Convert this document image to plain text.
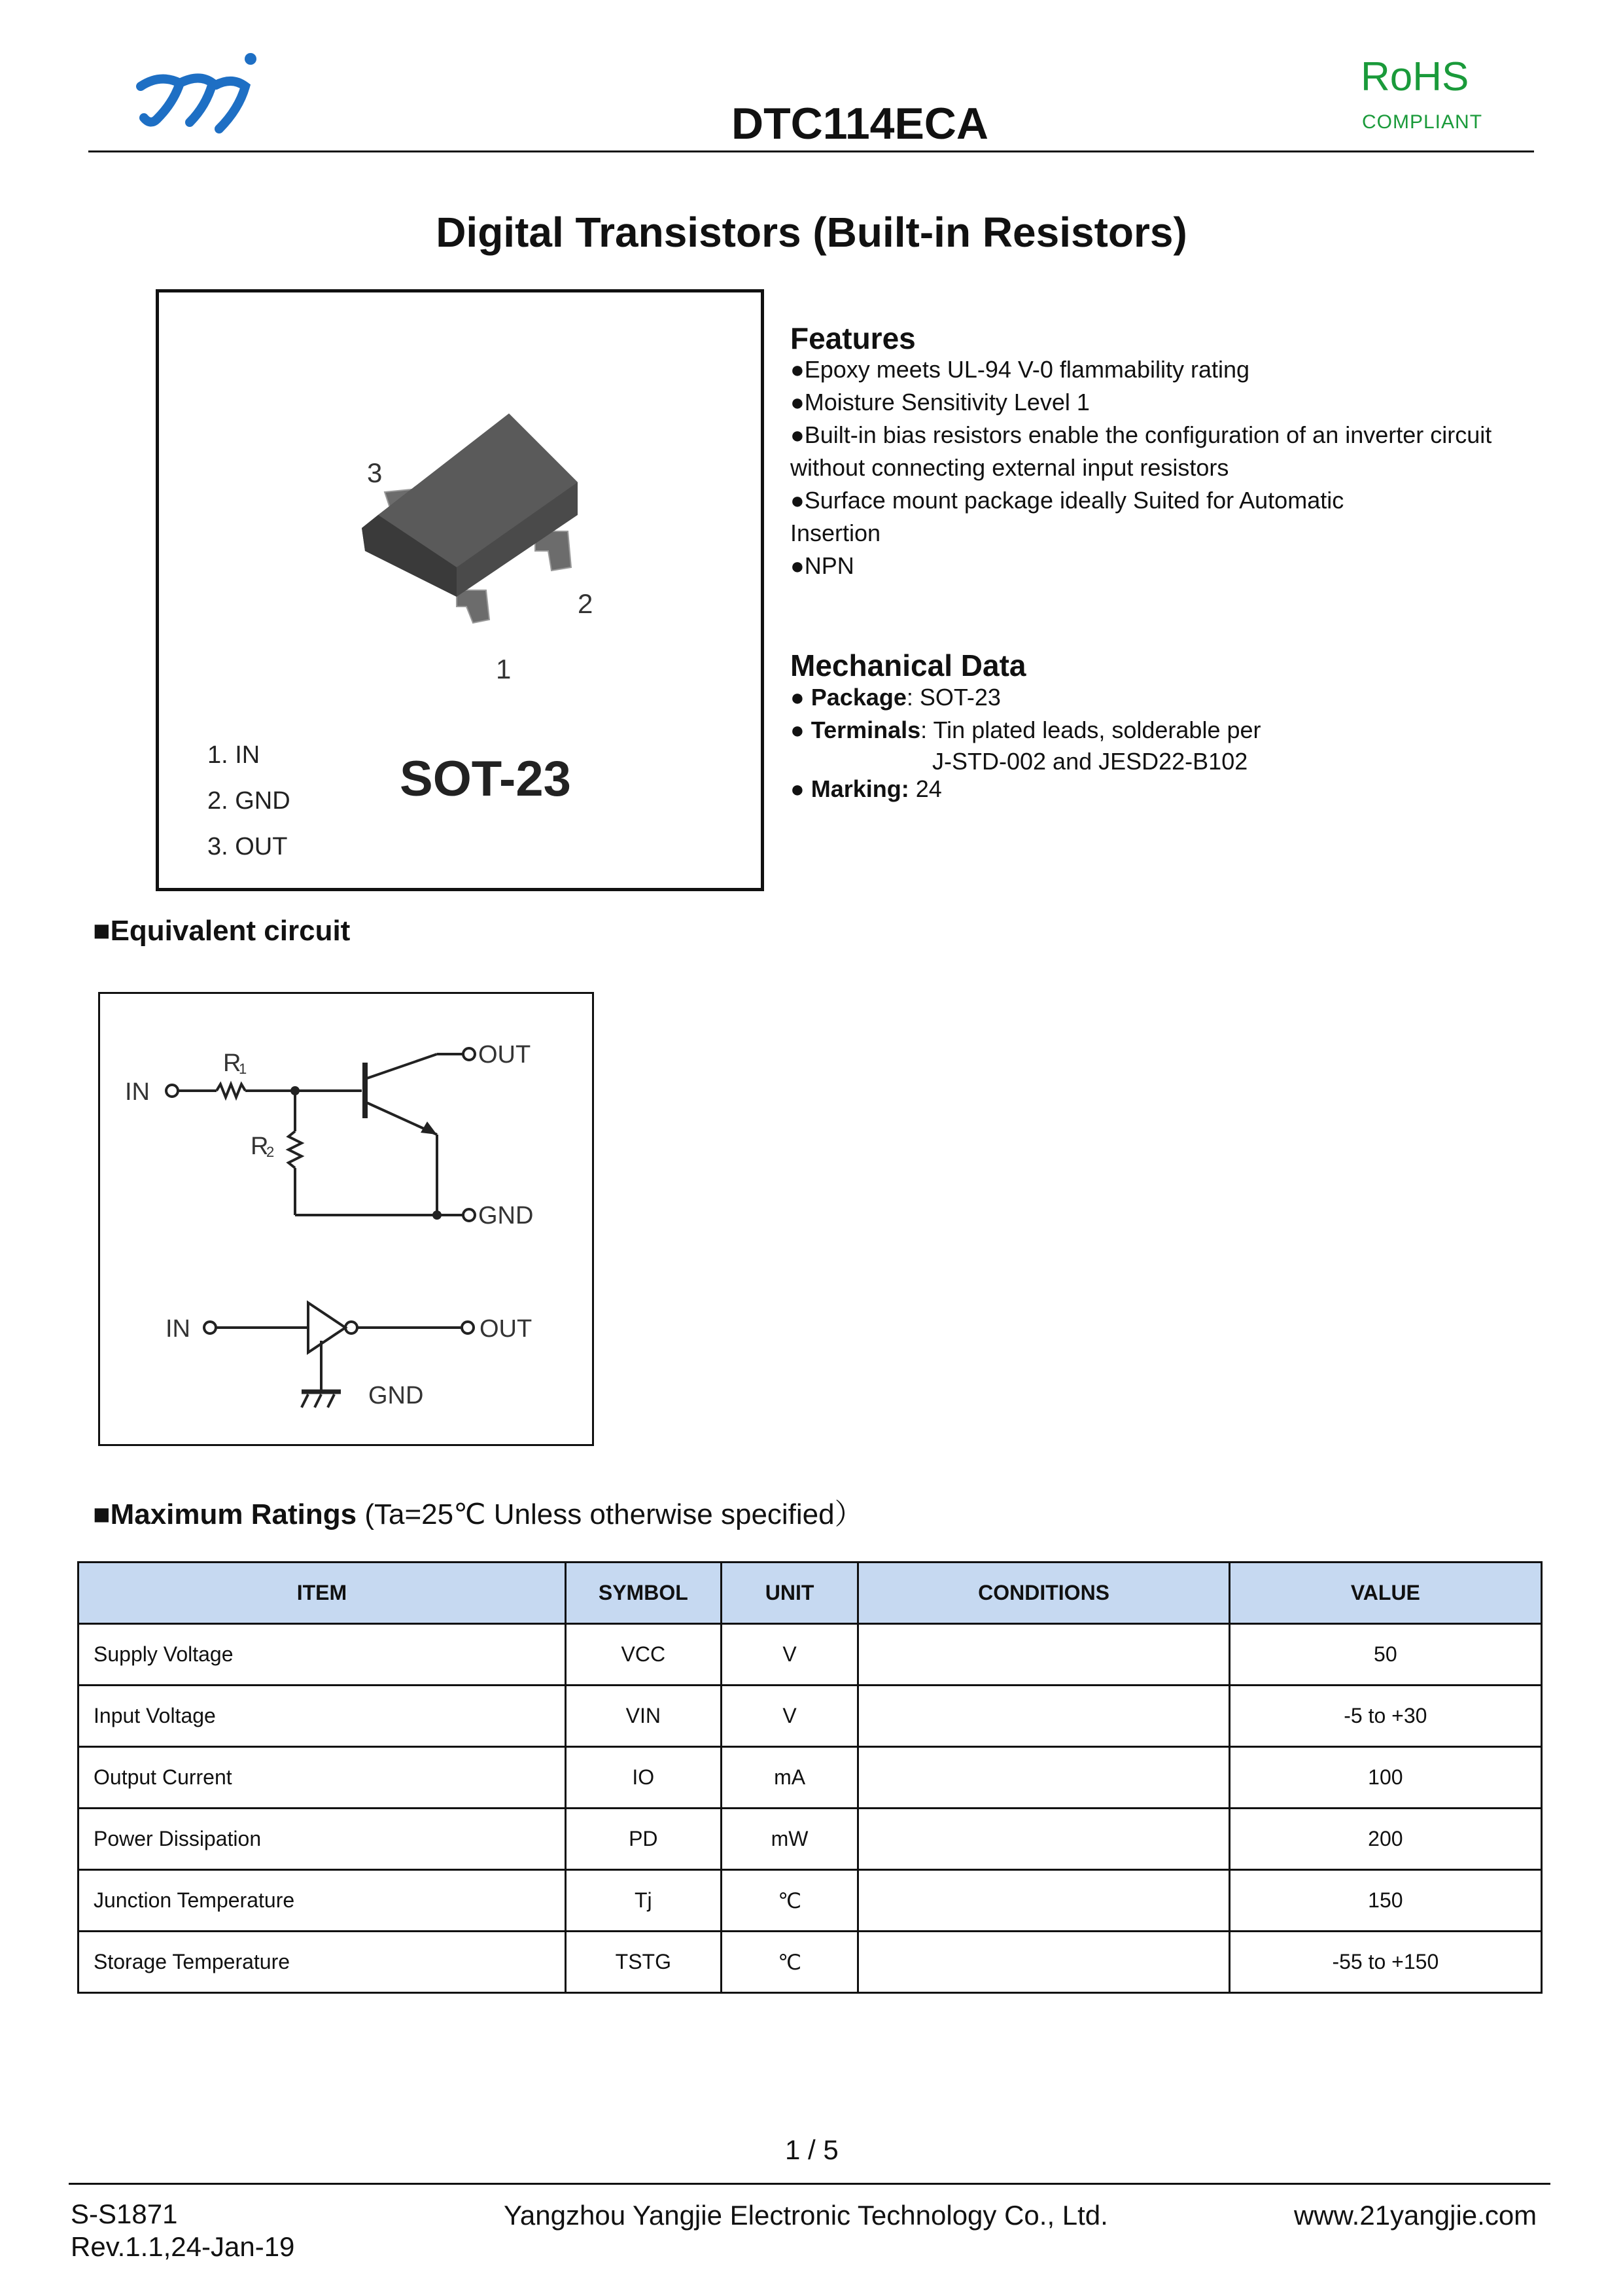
DTC114ECA
RoHS
COMPLIANT
Digital Transistors (Built-in Resistors)
3
2
1
1. IN
2. GND
3. OUT
SOT-23
Features
●Epoxy meets UL-94 V-0 flammability rating
●Moisture Sensitivity Level 1
●Built-in bias resistors enable the configuration of an inverter circuit without connecting external input resistors
●Surface mount package ideally Suited for Automatic Insertion
●NPN
Mechanical Data
● Package: SOT-23
● Terminals: Tin plated leads, solderable per
J-STD-002 and JESD22-B102
● Marking: 24
■Equivalent circuit
IN
R
1
R
2
OUT
GND
IN	OUT
GND
■Maximum Ratings (Ta=25℃ Unless otherwise specified）
ITEM	SYMBOL	UNIT	CONDITIONS	VALUE
Supply Voltage	VCC	V		50
Input Voltage	VIN	V		-5 to +30
Output Current	IO	mA		100
Power Dissipation	PD	mW		200
Junction Temperature	Tj	℃		150
Storage Temperature	TSTG	℃		-55 to +150
1 / 5
S-S1871
Rev.1.1,24-Jan-19
Yangzhou Yangjie Electronic Technology Co., Ltd.	www.21yangjie.com
